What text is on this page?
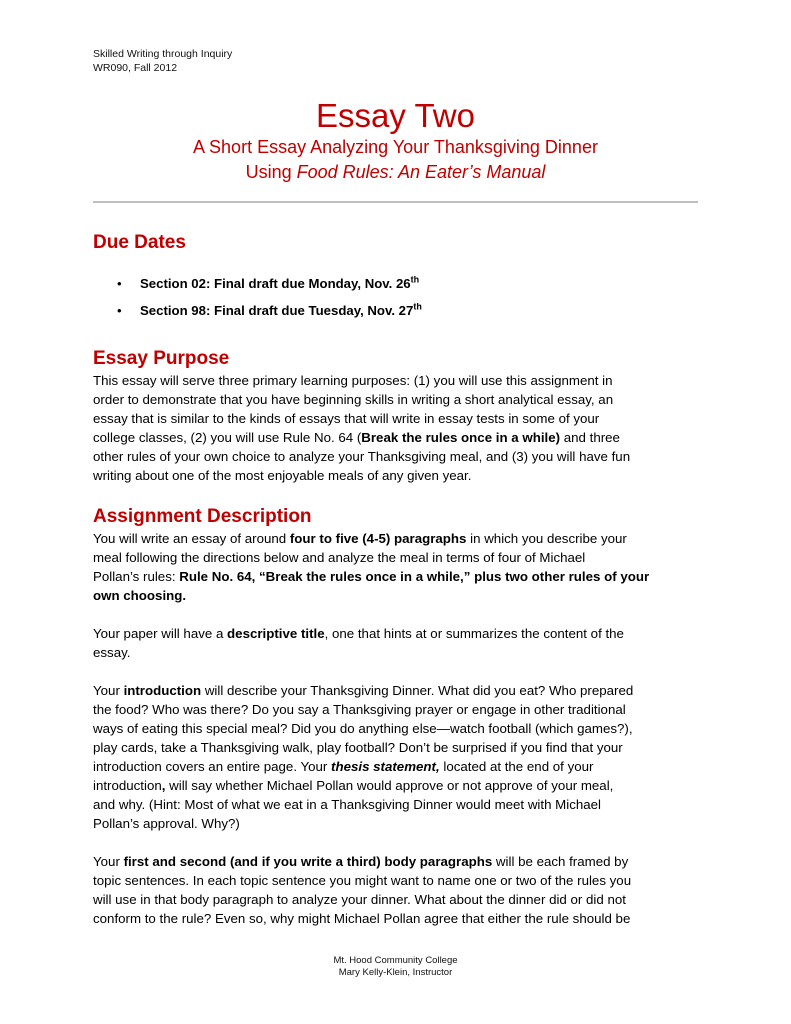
Skilled Writing through Inquiry
WR090, Fall 2012
Essay Two
A Short Essay Analyzing Your Thanksgiving Dinner
Using Food Rules: An Eater’s Manual
Due Dates
• Section 02: Final draft due Monday, Nov. 26th
• Section 98: Final draft due Tuesday, Nov. 27th
Essay Purpose

This essay will serve three primary learning purposes: (1) you will use this assignment in
order to demonstrate that you have beginning skills in writing a short analytical essay, an
essay that is similar to the kinds of essays that will write in essay tests in some of your
college classes, (2) you will use Rule No. 64 (Break the rules once in a while) and three
other rules of your own choice to analyze your Thanksgiving meal, and (3) you will have fun
writing about one of the most enjoyable meals of any given year.

Assignment Description

You will write an essay of around four to five (4-5) paragraphs in which you describe your
meal following the directions below and analyze the meal in terms of four of Michael
Pollan’s rules: Rule No. 64, “Break the rules once in a while,” plus two other rules of your
own choosing.

Your paper will have a descriptive title, one that hints at or summarizes the content of the
essay.

Your introduction will describe your Thanksgiving Dinner. What did you eat? Who prepared
the food? Who was there? Do you say a Thanksgiving prayer or engage in other traditional
ways of eating this special meal? Did you do anything else—watch football (which games?),
play cards, take a Thanksgiving walk, play football? Don’t be surprised if you find that your
introduction covers an entire page. Your thesis statement, located at the end of your
introduction, will say whether Michael Pollan would approve or not approve of your meal,
and why. (Hint: Most of what we eat in a Thanksgiving Dinner would meet with Michael
Pollan’s approval. Why?)

Your first and second (and if you write a third) body paragraphs will be each framed by
topic sentences. In each topic sentence you might want to name one or two of the rules you
will use in that body paragraph to analyze your dinner. What about the dinner did or did not
conform to the rule? Even so, why might Michael Pollan agree that either the rule should be

Mt. Hood Community College
Mary Kelly-Klein, Instructor
